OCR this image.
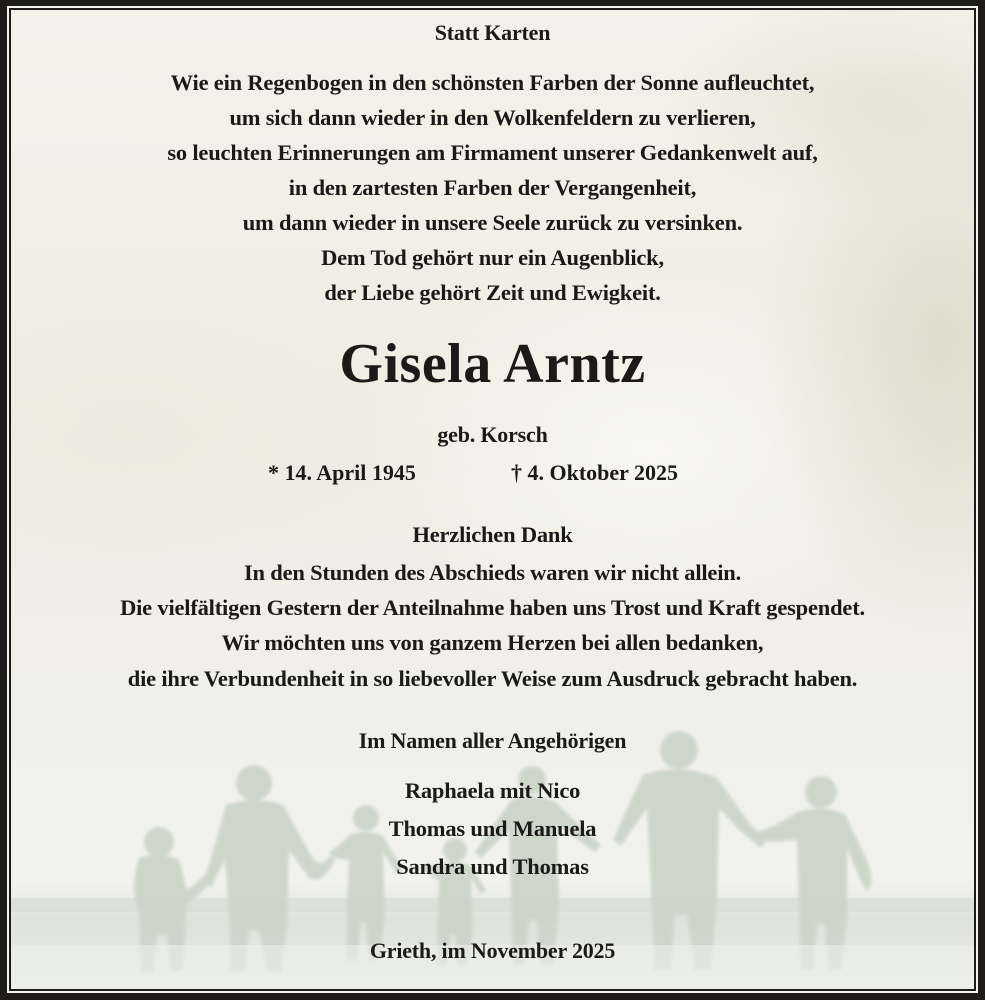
Statt Karten
Wie ein Regenbogen in den schönsten Farben der Sonne aufleuchtet,
um sich dann wieder in den Wolkenfeldern zu verlieren,
so leuchten Erinnerungen am Firmament unserer Gedankenwelt auf,
in den zartesten Farben der Vergangenheit,
um dann wieder in unsere Seele zurück zu versinken.
Dem Tod gehört nur ein Augenblick,
der Liebe gehört Zeit und Ewigkeit.
Gisela Arntz
geb. Korsch
* 14. April 1945	† 4. Oktober 2025
Herzlichen Dank
In den Stunden des Abschieds waren wir nicht allein.
Die vielfältigen Gestern der Anteilnahme haben uns Trost und Kraft gespendet.
Wir möchten uns von ganzem Herzen bei allen bedanken,
die ihre Verbundenheit in so liebevoller Weise zum Ausdruck gebracht haben.
Im Namen aller Angehörigen
Raphaela mit Nico
Thomas und Manuela
Sandra und Thomas
Grieth, im November 2025
